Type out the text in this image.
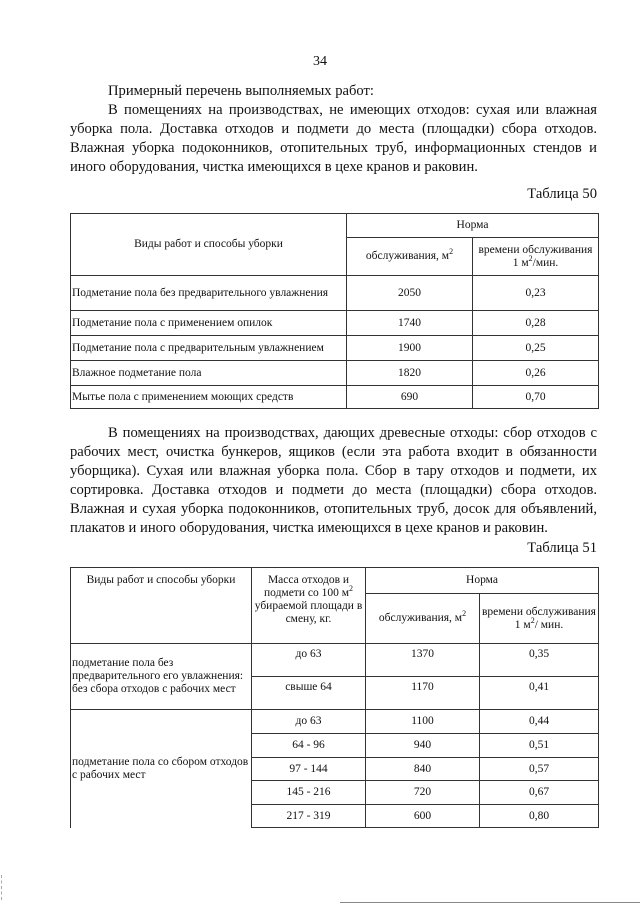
34

Примерный перечень выполняемых работ:

В помещениях на производствах, не имеющих отходов: сухая или влажная уборка пола. Доставка отходов и подмети до места (площадки) сбора отходов. Влажная уборка подоконников, отопительных труб, информационных стендов и иного оборудования, чистка имеющихся в цехе кранов и раковин.

Таблица 50
Виды работ и способы уборки	Норма	
	обслуживания, $м^2$	времени обслуживания
1 $м^2$/мин.
Подметание пола без предварительного увлажнения	2050	0,23
Подметание пола с применением опилок	1740	0,28
Подметание пола с предварительным увлажнением	1900	0,25
Влажное подметание пола	1820	0,26
Мытье пола с применением моющих средств	690	0,70

В помещениях на производствах, дающих древесные отходы: сбор отходов с рабочих мест, очистка бункеров, ящиков (если эта работа входит в обязанности уборщика). Сухая или влажная уборка пола. Сбор в тару отходов и подмети, их сортировка. Доставка отходов и подмети до места (площадки) сбора отходов. Влажная и сухая уборка подоконников, отопительных труб, досок для объявлений, плакатов и иного оборудования, чистка имеющихся в цехе кранов и раковин.

Таблица 51
Виды работ и способы уборки	Масса отходов и подмети со 100 $м^2$ убираемой площади в смену, кг.	Норма	
		обслуживания, $м^2$	времени обслуживания
1 $м^2/$ мин.
подметание пола без предварительного его увлажнения: без сбора отходов с рабочих мест	до 63	1370	0,35
	свыше 64	1170	0,41
подметание пола со сбором отходов с рабочих мест	до 63	1100	0,44
	64 - 96	940	0,51
	97 - 144	840	0,57
	145 - 216	720	0,67
	217 - 319	600	0,80
